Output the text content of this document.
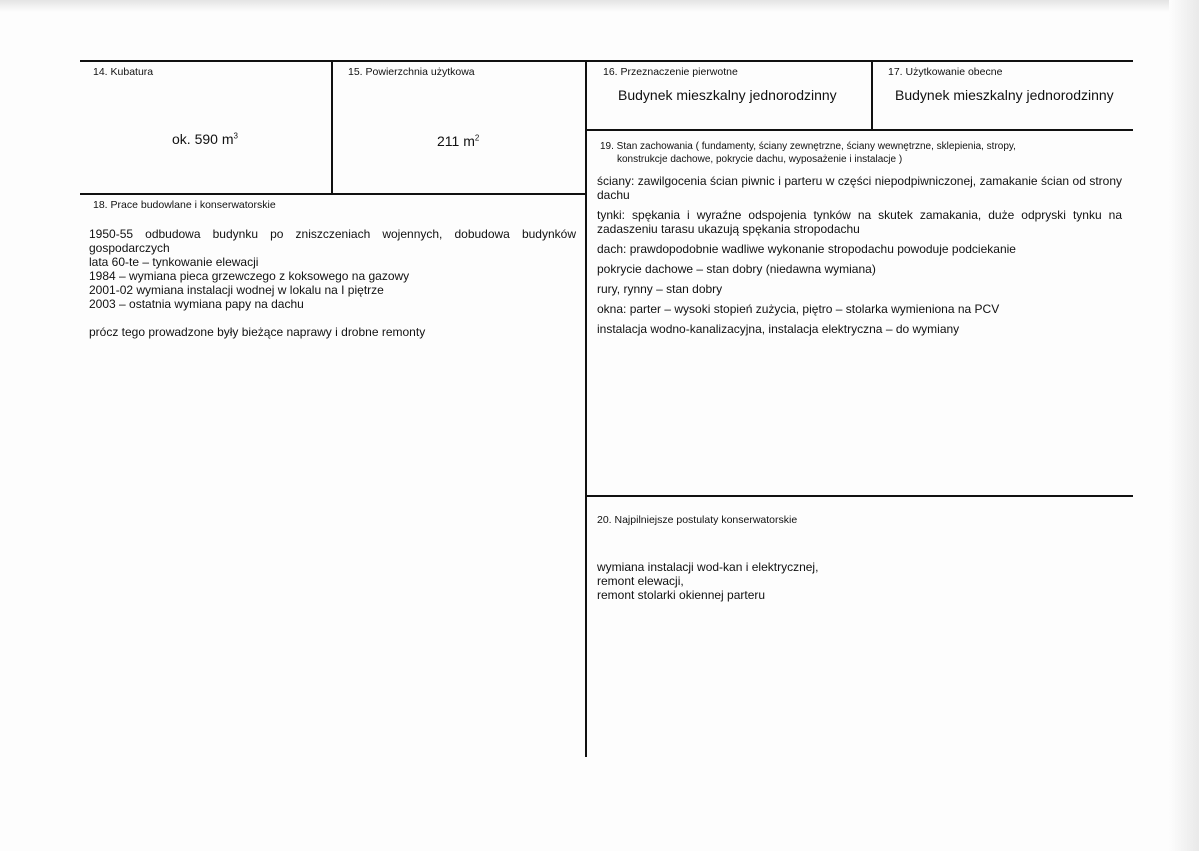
14. Kubatura
ok. 590 $m^3$
15. Powierzchnia użytkowa
211 $m^2$
16. Przeznaczenie pierwotne
Budynek mieszkalny jednorodzinny
17. Użytkowanie obecne
Budynek mieszkalny jednorodzinny
18. Prace budowlane i konserwatorskie
1950-55 odbudowa budynku po zniszczeniach wojennych, dobudowa budynków gospodarczych
lata 60-te – tynkowanie elewacji
1984 – wymiana pieca grzewczego z koksowego na gazowy
2001-02 wymiana instalacji wodnej w lokalu na I piętrze
2003 – ostatnia wymiana papy na dachu
prócz tego prowadzone były bieżące naprawy i drobne remonty
19. Stan zachowania ( fundamenty, ściany zewnętrzne, ściany wewnętrzne, sklepienia, stropy,
konstrukcje dachowe, pokrycie dachu, wyposażenie i instalacje )

ściany: zawilgocenia ścian piwnic i parteru w części niepodpiwniczonej, zamakanie ścian od strony dachu

tynki: spękania i wyraźne odspojenia tynków na skutek zamakania, duże odpryski tynku na zadaszeniu tarasu ukazują spękania stropodachu

dach: prawdopodobnie wadliwe wykonanie stropodachu powoduje podciekanie

pokrycie dachowe – stan dobry (niedawna wymiana)

rury, rynny – stan dobry

okna: parter – wysoki stopień zużycia, piętro – stolarka wymieniona na PCV

instalacja wodno-kanalizacyjna, instalacja elektryczna – do wymiany

20. Najpilniejsze postulaty konserwatorskie
wymiana instalacji wod-kan i elektrycznej,
remont elewacji,
remont stolarki okiennej parteru
